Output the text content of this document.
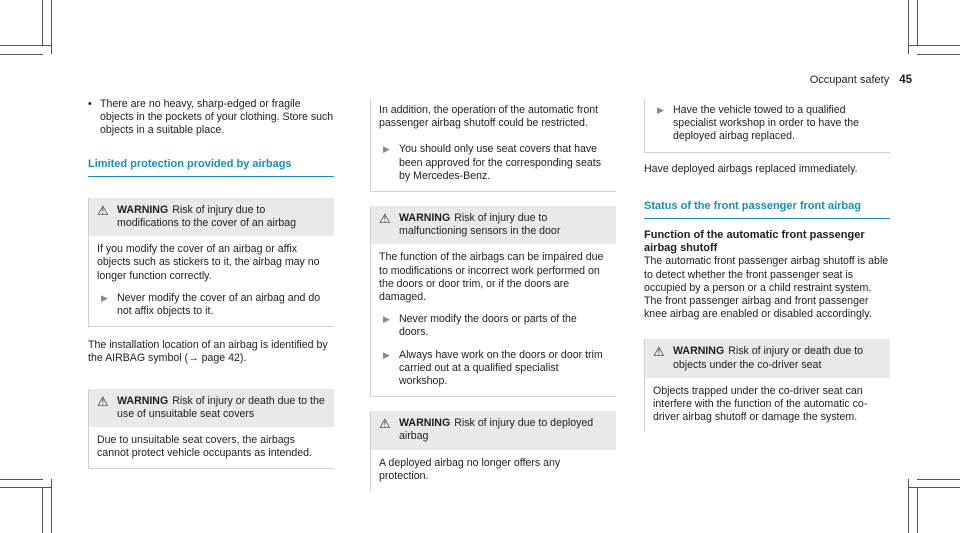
Occupant safety 45
• There are no heavy, sharp-edged or fragile objects in the pockets of your clothing. Store such objects in a suitable place.

Limited protection provided by airbags
⚠ WARNING Risk of injury due to modifications to the cover of an airbag

If you modify the cover of an airbag or affix objects such as stickers to it, the airbag may no longer function correctly.

▶ Never modify the cover of an airbag and do not affix objects to it.

The installation location of an airbag is identified by the AIRBAG symbol (→ page 42).

⚠ WARNING Risk of injury or death due to the use of unsuitable seat covers

Due to unsuitable seat covers, the airbags cannot protect vehicle occupants as intended.

In addition, the operation of the automatic front passenger airbag shutoff could be restricted.

▶ You should only use seat covers that have been approved for the corresponding seats by Mercedes-Benz.

⚠ WARNING Risk of injury due to malfunctioning sensors in the door

The function of the airbags can be impaired due to modifications or incorrect work performed on the doors or door trim, or if the doors are damaged.

▶ Never modify the doors or parts of the doors.

▶ Always have work on the doors or door trim carried out at a qualified specialist workshop.

⚠ WARNING Risk of injury due to deployed airbag

A deployed airbag no longer offers any protection.

▶ Have the vehicle towed to a qualified specialist workshop in order to have the deployed airbag replaced.

Have deployed airbags replaced immediately.

Status of the front passenger front airbag

Function of the automatic front passenger airbag shutoff

The automatic front passenger airbag shutoff is able to detect whether the front passenger seat is occupied by a person or a child restraint system. The front passenger airbag and front passenger knee airbag are enabled or disabled accordingly.

⚠ WARNING Risk of injury or death due to objects under the co-driver seat

Objects trapped under the co-driver seat can interfere with the function of the automatic co-driver airbag shutoff or damage the system.
